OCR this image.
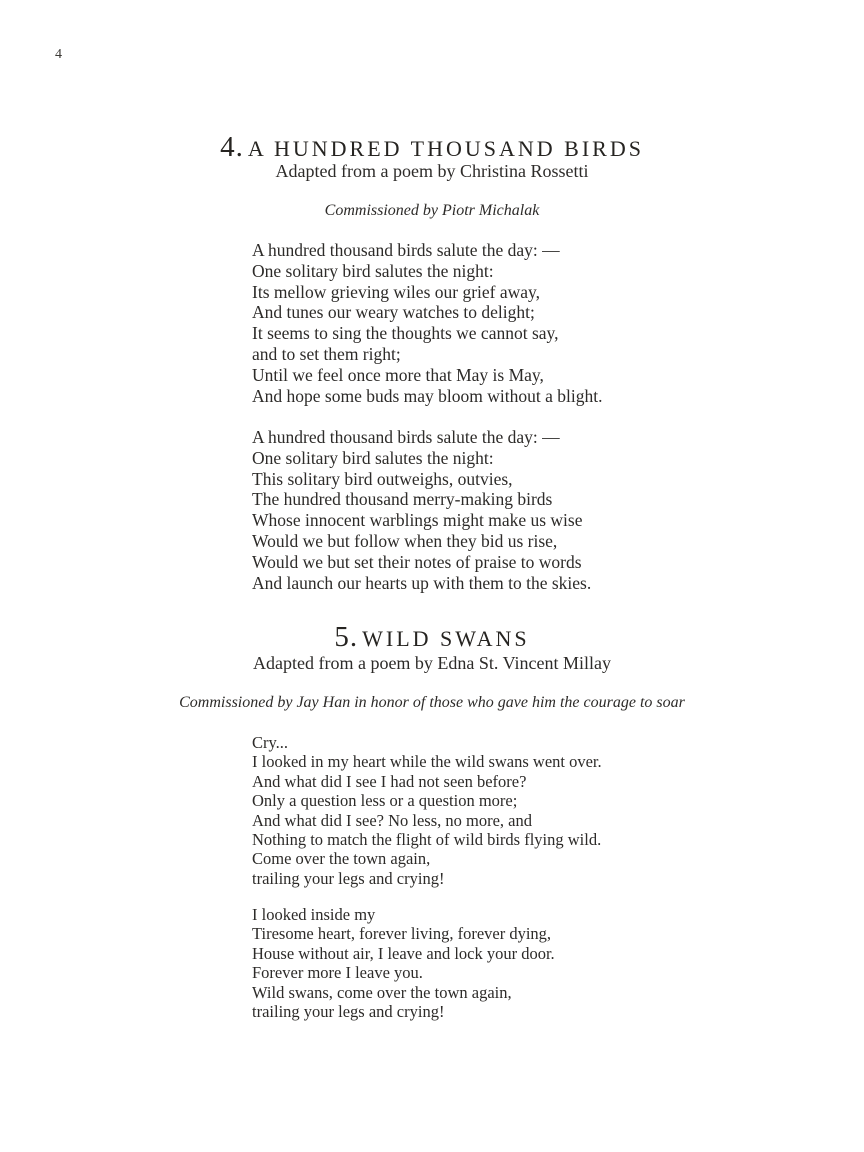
4
4. A HUNDRED THOUSAND BIRDS
Adapted from a poem by Christina Rossetti
Commissioned by Piotr Michalak
A hundred thousand birds salute the day: —
One solitary bird salutes the night:
Its mellow grieving wiles our grief away,
And tunes our weary watches to delight;
It seems to sing the thoughts we cannot say,
and to set them right;
Until we feel once more that May is May,
And hope some buds may bloom without a blight.
A hundred thousand birds salute the day: —
One solitary bird salutes the night:
This solitary bird outweighs, outvies,
The hundred thousand merry-making birds
Whose innocent warblings might make us wise
Would we but follow when they bid us rise,
Would we but set their notes of praise to words
And launch our hearts up with them to the skies.
5. WILD SWANS
Adapted from a poem by Edna St. Vincent Millay
Commissioned by Jay Han in honor of those who gave him the courage to soar
Cry...
I looked in my heart while the wild swans went over.
And what did I see I had not seen before?
Only a question less or a question more;
And what did I see? No less, no more, and
Nothing to match the flight of wild birds flying wild.
Come over the town again,
trailing your legs and crying!
I looked inside my
Tiresome heart, forever living, forever dying,
House without air, I leave and lock your door.
Forever more I leave you.
Wild swans, come over the town again,
trailing your legs and crying!
